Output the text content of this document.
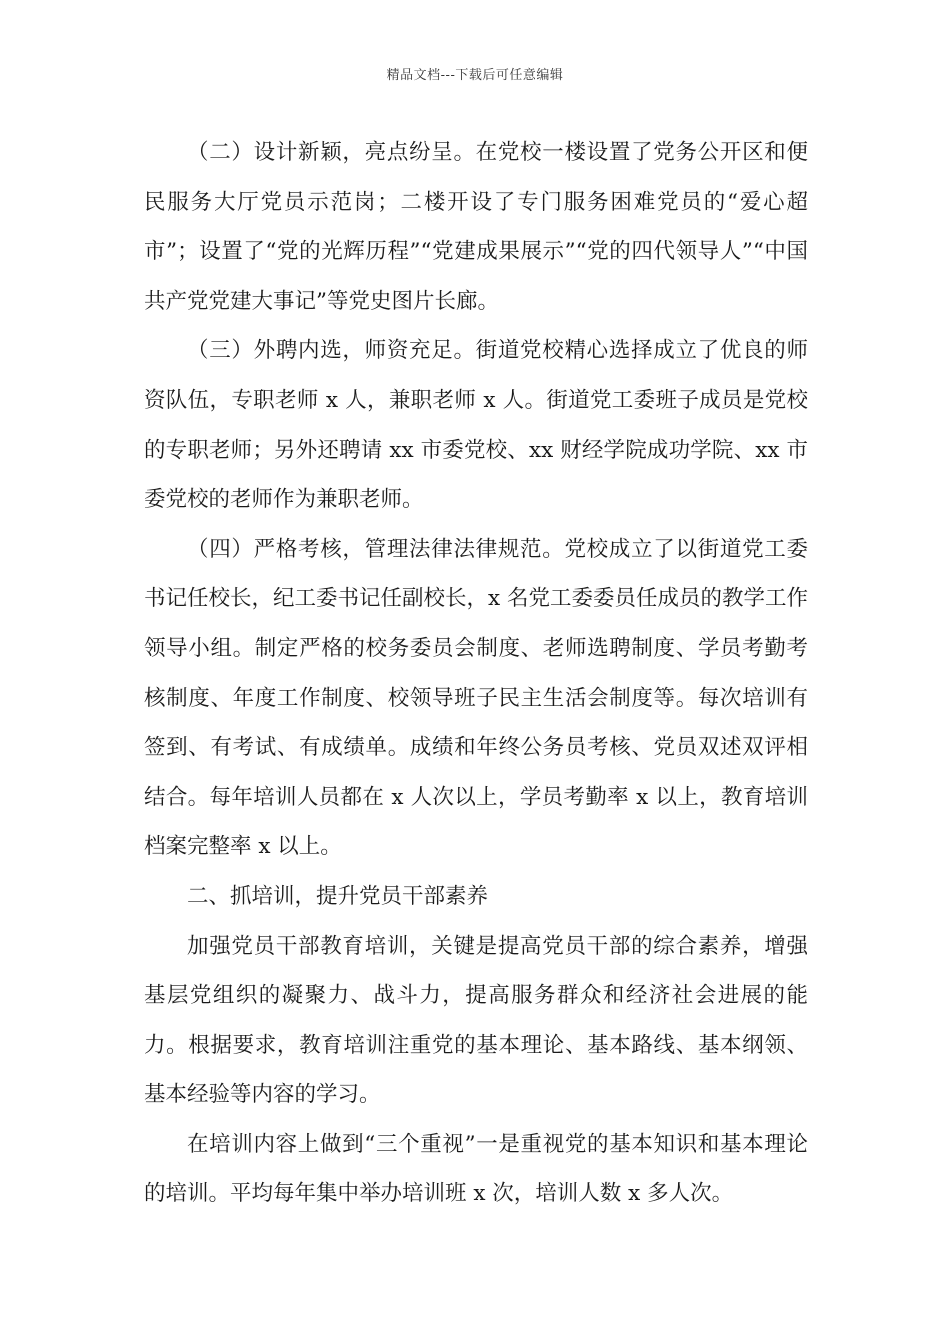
精品文档---下载后可任意编辑

（二）设计新颖，亮点纷呈。在党校一楼设置了党务公开区和便民服务大厅党员示范岗；二楼开设了专门服务困难党员的“爱心超市”；设置了“党的光辉历程”“党建成果展示”“党的四代领导人”“中国共产党党建大事记”等党史图片长廊。

（三）外聘内选，师资充足。街道党校精心选择成立了优良的师资队伍，专职老师 x 人，兼职老师 x 人。街道党工委班子成员是党校的专职老师；另外还聘请 xx 市委党校、xx 财经学院成功学院、xx 市委党校的老师作为兼职老师。

（四）严格考核，管理法律法律规范。党校成立了以街道党工委书记任校长，纪工委书记任副校长，x 名党工委委员任成员的教学工作领导小组。制定严格的校务委员会制度、老师选聘制度、学员考勤考核制度、年度工作制度、校领导班子民主生活会制度等。每次培训有签到、有考试、有成绩单。成绩和年终公务员考核、党员双述双评相结合。每年培训人员都在 x 人次以上，学员考勤率 x 以上，教育培训档案完整率 x 以上。

二、抓培训，提升党员干部素养

加强党员干部教育培训，关键是提高党员干部的综合素养，增强基层党组织的凝聚力、战斗力，提高服务群众和经济社会进展的能力。根据要求，教育培训注重党的基本理论、基本路线、基本纲领、基本经验等内容的学习。

在培训内容上做到“三个重视”一是重视党的基本知识和基本理论的培训。平均每年集中举办培训班 x 次，培训人数 x 多人次。
